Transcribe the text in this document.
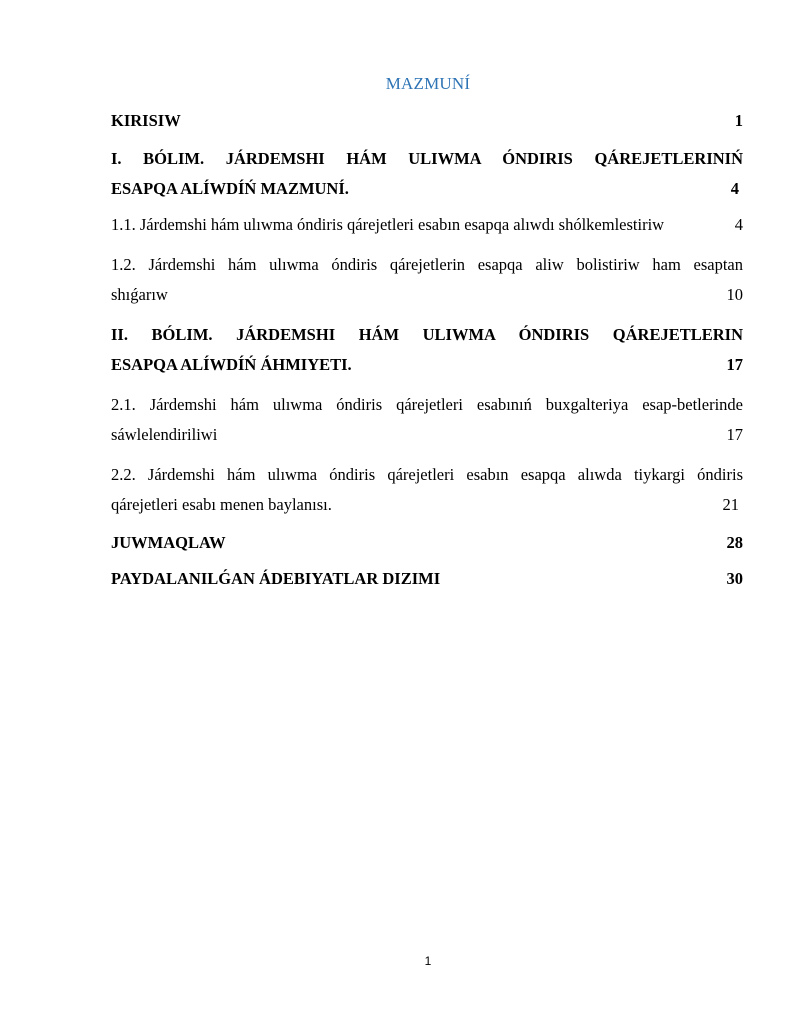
MAZMUNÍ
KIRISIW	1
I. BÓLIM. JÁRDEMSHI HÁM ULIWMA ÓNDIRIS QÁREJETLERINIŃ
ESAPQA ALÍWDÍŃ MAZMUNÍ.	4
1.1. Járdemshi hám ulıwma óndiris qárejetleri esabın esapqa alıwdı shólkemlestiriw	4
1.2. Járdemshi hám ulıwma óndiris qárejetlerin esapqa aliw bolistiriw ham esaptan
shıǵarıw	10
II. BÓLIM. JÁRDEMSHI HÁM ULIWMA ÓNDIRIS QÁREJETLERIN
ESAPQA ALÍWDÍŃ ÁHMIYETI.	17
2.1. Járdemshi hám ulıwma óndiris qárejetleri esabınıń buxgalteriya esap-betlerinde
sáwlelendiriliwi	17
2.2. Járdemshi hám ulıwma óndiris qárejetleri esabın esapqa alıwda tiykargi óndiris
qárejetleri esabı menen baylanısı.	21
JUWMAQLAW	28
PAYDALANILǴAN ÁDEBIYATLAR DIZIMI	30
1
